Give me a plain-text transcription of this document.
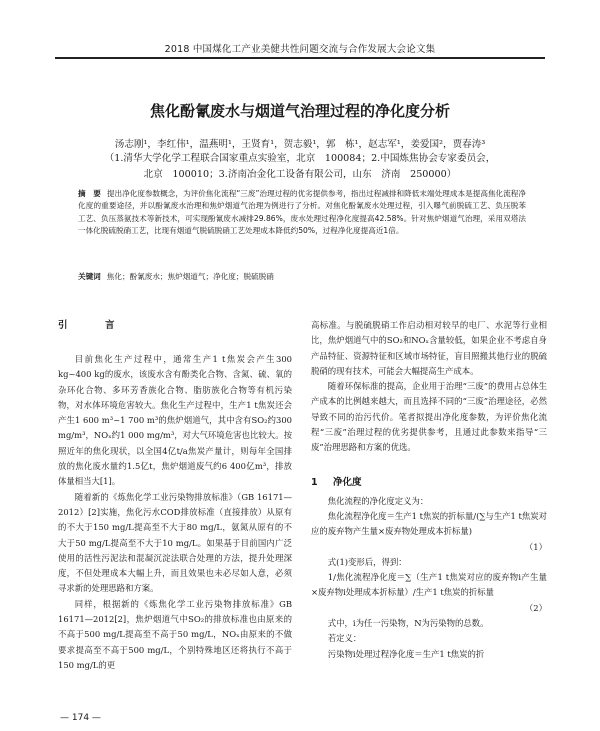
2018 中国煤化工产业美健共性问题交流与合作发展大会论文集
焦化酚氰废水与烟道气治理过程的净化度分析
汤志刚¹，李红伟¹，温燕明¹，王贤育¹，贺志毅¹，郭　栋¹，赵志军¹，姜爱国²，贾春涛³
（1.清华大学化学工程联合国家重点实验室，北京　100084；2.中国炼焦协会专家委员会，
北京　100010；3.济南冶金化工设备有限公司，山东　济南　250000）
摘　要 提出净化度参数概念，为评价焦化流程“三废”治理过程的优劣提供参考，指出过程减排和降低末端处理成本是提高焦化流程净化度的重要途径，并以酚氰废水治理和焦炉烟道气治理为例进行了分析。对焦化酚氰废水处理过程，引入曝气前脱硫工艺、负压脱苯工艺、负压蒸氨技术等新技术，可实现酚氰废水减排29.86%，废水处理过程净化度提高42.58%。针对焦炉烟道气治理，采用双塔法一体化脱硫脱硝工艺，比现有烟道气脱硫脱硝工艺处理成本降低约50%，过程净化度提高近1倍。
关键词 焦化；酚氰废水；焦炉烟道气；净化度；脱硫脱硝
引　言

目前焦化生产过程中，通常生产1 t焦炭会产生300 kg~400 kg的废水，该废水含有酚类化合物、含氮、硫、氧的杂环化合物、多环芳香族化合物、脂肪族化合物等有机污染物，对水体环境危害较大。焦化生产过程中，生产1 t焦炭还会产生1 600 m³~1 700 m³的焦炉烟道气，其中含有SO₂约300 mg/m³，NOₓ约1 000 mg/m³，对大气环境危害也比较大。按照近年的焦化现状，以全国4亿t/a焦炭产量计，则每年全国排放的焦化废水量约1.5亿t，焦炉烟道废气约6 400亿m³，排放体量相当大[1]。

随着新的《炼焦化学工业污染物排放标准》（GB 16171—2012）[2]实施，焦化污水COD排放标准（直接排放）从原有的不大于150 mg/L提高至不大于80 mg/L，氨氮从原有的不大于50 mg/L提高至不大于10 mg/L。如果基于目前国内广泛使用的活性污泥法和混凝沉淀法联合处理的方法，提升处理深度，不但处理成本大幅上升，而且效果也未必尽如人意，必须寻求新的处理思路和方案。

同样，根据新的《炼焦化学工业污染物排放标准》GB 16171—2012[2]，焦炉烟道气中SO₂的排放标准也由原来的不高于500 mg/L提高至不高于50 mg/L，NOₓ由原来的不做要求提高至不高于500 mg/L，个别特殊地区还将执行不高于150 mg/L的更

高标准。与脱硫脱硝工作启动相对较早的电厂、水泥等行业相比，焦炉烟道气中的SO₂和NOₓ含量较低，如果企业不考虑自身产品特征、资源特征和区域市场特征，盲目照搬其他行业的脱硫脱硝的现有技术，可能会大幅提高生产成本。

随着环保标准的提高，企业用于治理“三废”的费用占总体生产成本的比例越来越大，而且选择不同的“三废”治理途径，必然导致不同的治污代价。笔者拟提出净化度参数，为评价焦化流程“三废”治理过程的优劣提供参考，且通过此参数来指导“三废”治理思路和方案的优选。

1 净化度

焦化流程的净化度定义为：

焦化流程净化度＝生产1 t焦炭的折标量/(∑与生产1 t焦炭对应的废弃物产生量×废弃物处理成本折标量)

（1）

式(1)变形后，得到：

1/焦化流程净化度＝∑（生产1 t焦炭对应的废弃物i产生量×废弃物i处理成本折标量）/生产1 t焦炭的折标量

（2）

式中，i为任一污染物，N为污染物的总数。

若定义：

污染物i处理过程净化度＝生产1 t焦炭的折

— 174 —
